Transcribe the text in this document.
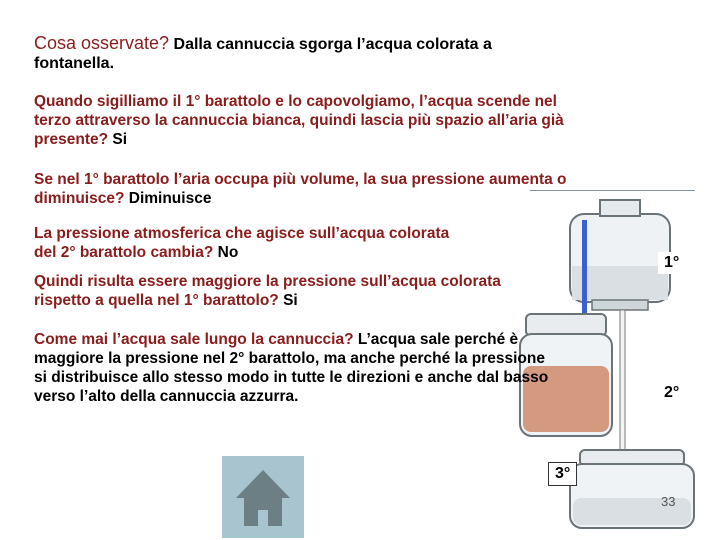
Cosa osservate? Dalla cannuccia sgorga l’acqua colorata a fontanella.

Quando sigilliamo il 1° barattolo e lo capovolgiamo, l’acqua scende nel terzo attraverso la cannuccia bianca, quindi lascia più spazio all’aria già presente? Si

Se nel 1° barattolo l’aria occupa più volume, la sua pressione aumenta o diminuisce? Diminuisce

La pressione atmosferica che agisce sull’acqua colorata del 2° barattolo cambia? No

Quindi risulta essere maggiore la pressione sull’acqua colorata rispetto a quella nel 1° barattolo? Si

Come mai l’acqua sale lungo la cannuccia? L’acqua sale perché è maggiore la pressione nel 2° barattolo, ma anche perché la pressione si distribuisce allo stesso modo in tutte le direzioni e anche dal basso verso l’alto della cannuccia azzurra.

1°
2°
3°
33
